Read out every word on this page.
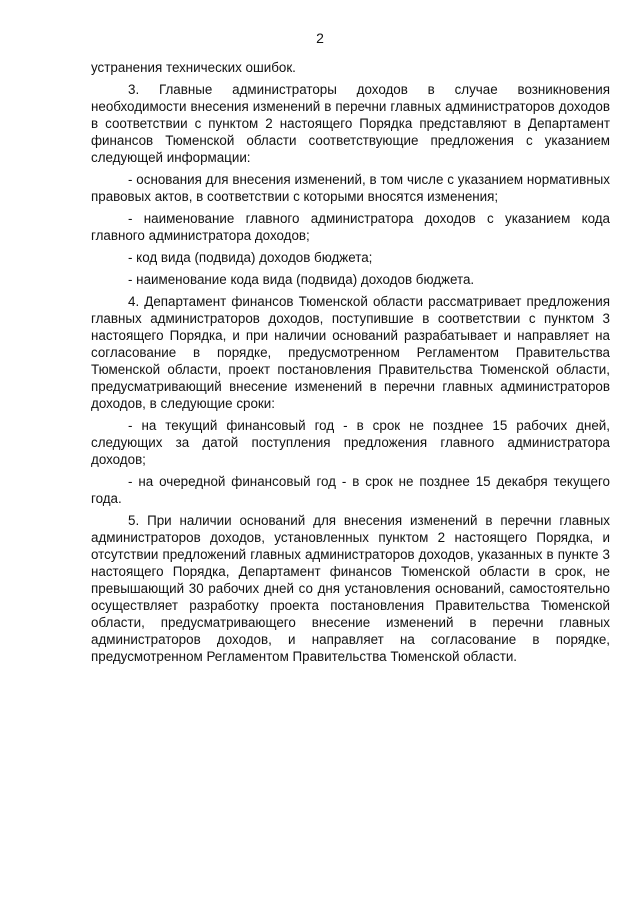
2

устранения технических ошибок.

3. Главные администраторы доходов в случае возникновения необходимости внесения изменений в перечни главных администраторов доходов в соответствии с пунктом 2 настоящего Порядка представляют в Департамент финансов Тюменской области соответствующие предложения с указанием следующей информации:

- основания для внесения изменений, в том числе с указанием нормативных правовых актов, в соответствии с которыми вносятся изменения;

- наименование главного администратора доходов с указанием кода главного администратора доходов;

- код вида (подвида) доходов бюджета;

- наименование кода вида (подвида) доходов бюджета.

4. Департамент финансов Тюменской области рассматривает предложения главных администраторов доходов, поступившие в соответствии с пунктом 3 настоящего Порядка, и при наличии оснований разрабатывает и направляет на согласование в порядке, предусмотренном Регламентом Правительства Тюменской области, проект постановления Правительства Тюменской области, предусматривающий внесение изменений в перечни главных администраторов доходов, в следующие сроки:

- на текущий финансовый год - в срок не позднее 15 рабочих дней, следующих за датой поступления предложения главного администратора доходов;

- на очередной финансовый год - в срок не позднее 15 декабря текущего года.

5. При наличии оснований для внесения изменений в перечни главных администраторов доходов, установленных пунктом 2 настоящего Порядка, и отсутствии предложений главных администраторов доходов, указанных в пункте 3 настоящего Порядка, Департамент финансов Тюменской области в срок, не превышающий 30 рабочих дней со дня установления оснований, самостоятельно осуществляет разработку проекта постановления Правительства Тюменской области, предусматривающего внесение изменений в перечни главных администраторов доходов, и направляет на согласование в порядке, предусмотренном Регламентом Правительства Тюменской области.
